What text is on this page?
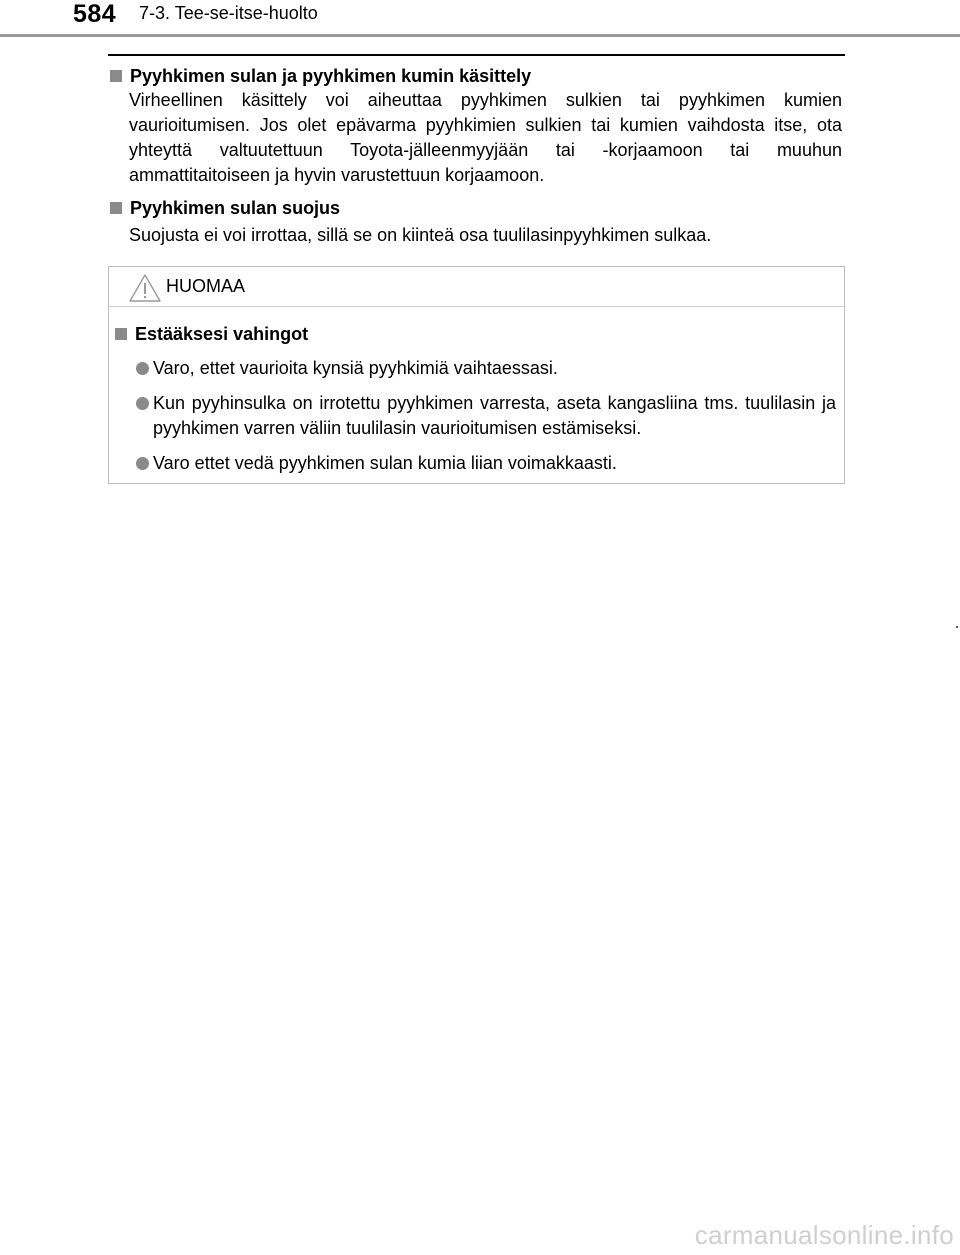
584 7-3. Tee-se-itse-huolto
Pyyhkimen sulan ja pyyhkimen kumin käsittely
Virheellinen käsittely voi aiheuttaa pyyhkimen sulkien tai pyyhkimen kumien vaurioitumisen. Jos olet epävarma pyyhkimien sulkien tai kumien vaihdosta itse, ota yhteyttä valtuutettuun Toyota-jälleenmyyjään tai -korjaamoon tai muuhun ammattitaitoiseen ja hyvin varustettuun korjaamoon.
Pyyhkimen sulan suojus
Suojusta ei voi irrottaa, sillä se on kiinteä osa tuulilasinpyyhkimen sulkaa.
HUOMAA
Estääksesi vahingot
Varo, ettet vaurioita kynsiä pyyhkimiä vaihtaessasi.
Kun pyyhinsulka on irrotettu pyyhkimen varresta, aseta kangasliina tms. tuulilasin ja pyyhkimen varren väliin tuulilasin vaurioitumisen estämiseksi.
Varo ettet vedä pyyhkimen sulan kumia liian voimakkaasti.
carmanualsonline.info
